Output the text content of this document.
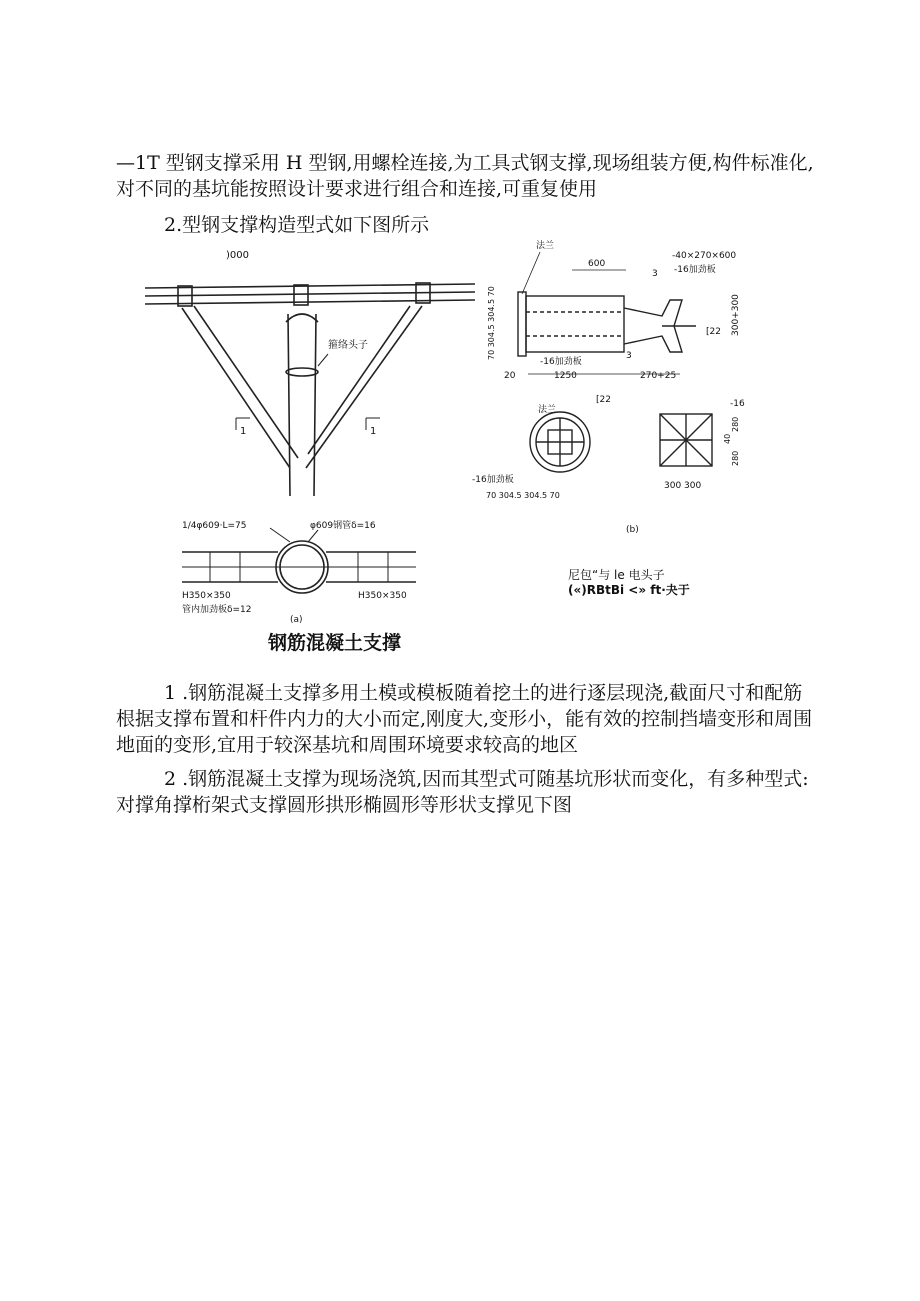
—1T 型钢支撑采用 H 型钢,用螺栓连接,为工具式钢支撑,现场组装方便,构件标准化,对不同的基坑能按照设计要求进行组合和连接,可重复使用

2.型钢支撑构造型式如下图所示

)000
箍络头子
1	1
1/4φ609·L=75	φ609钢管δ=16
H350×350	H350×350
管内加劲板δ=12
(a)
法兰
600
-40×270×600
-16加劲板
3
3
[22 300+300
70 304.5 304.5 70
-16加劲板
20	1250	270+25
法兰
[22
-16加劲板
70 304.5 304.5 70
-16
280
40
280
300 300
(b)

尼包“与 le 电头子

(«)RBtBi <» ft·夬于

钢筋混凝土支撑

1 .钢筋混凝土支撑多用土模或模板随着挖土的进行逐层现浇,截面尺寸和配筋根据支撑布置和杆件内力的大小而定,刚度大,变形小，能有效的控制挡墙变形和周围地面的变形,宜用于较深基坑和周围环境要求较高的地区

2 .钢筋混凝土支撑为现场浇筑,因而其型式可随基坑形状而变化，有多种型式:对撑角撑桁架式支撑圆形拱形椭圆形等形状支撑见下图
